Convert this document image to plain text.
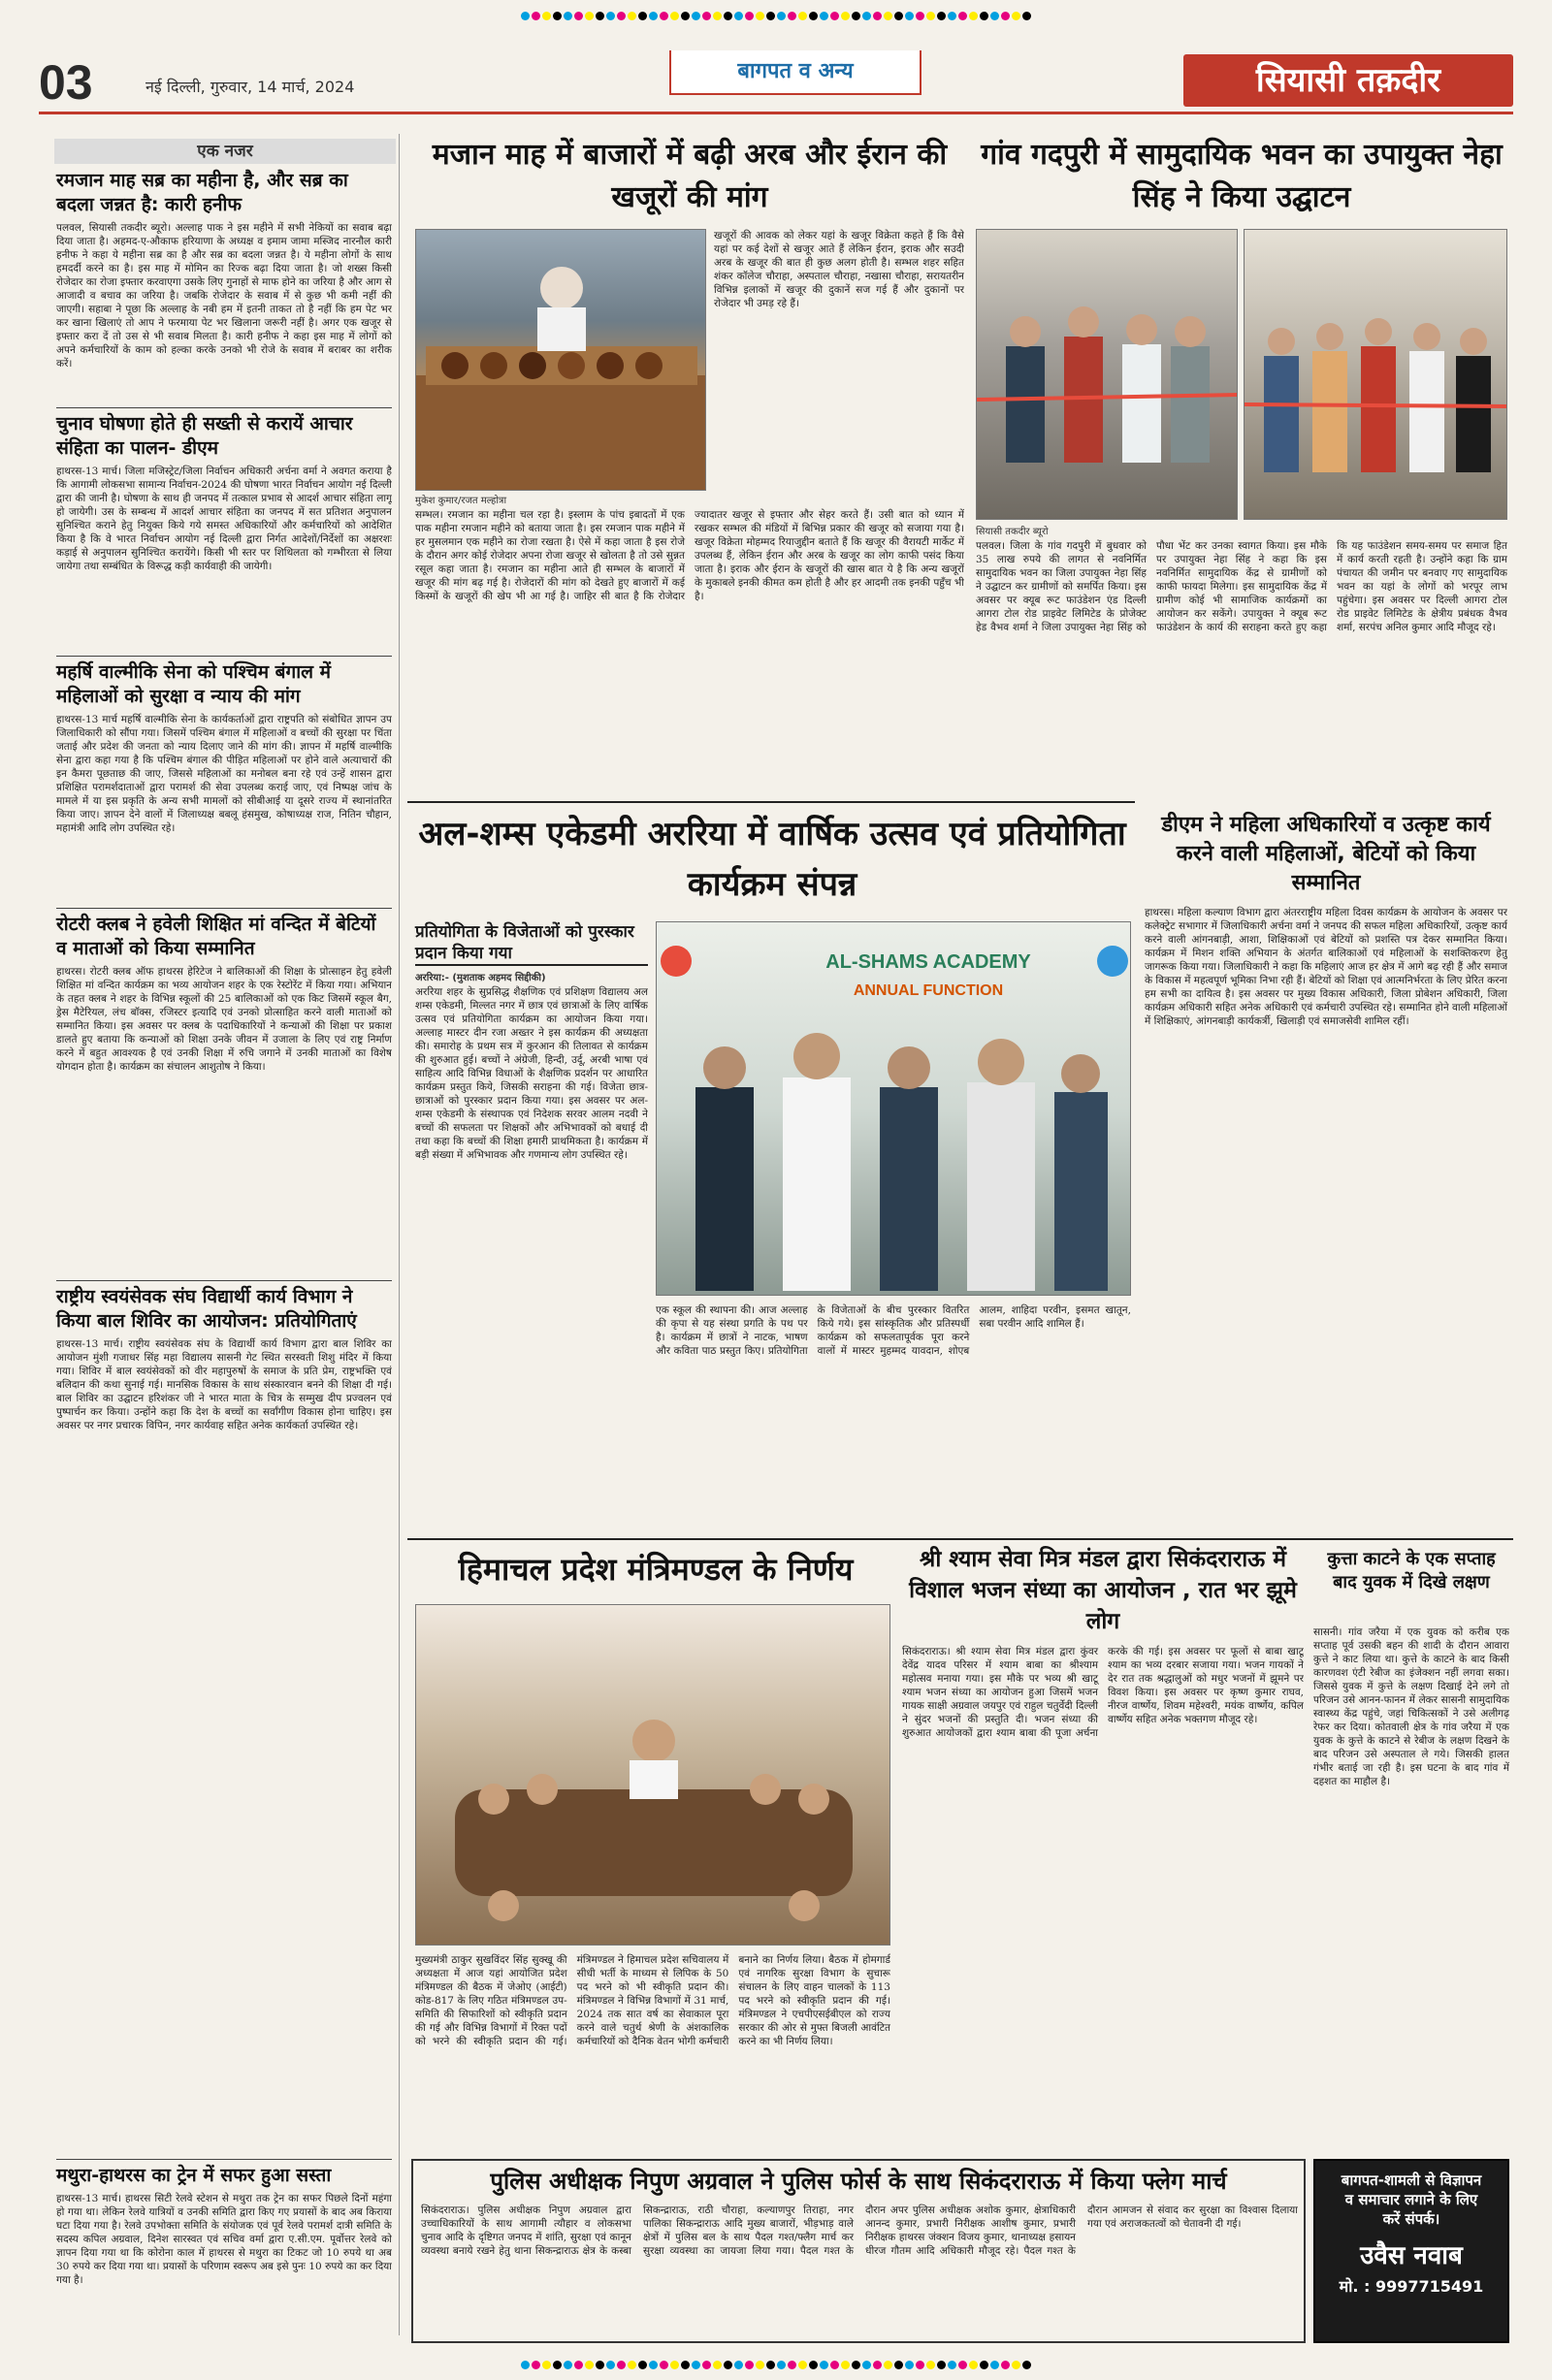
03	नई दिल्ली, गुरुवार, 14 मार्च, 2024
बागपत व अन्य	सियासी तक़दीर
एक नजर
रमजान माह सब्र का महीना है, और सब्र का बदला जन्नत है: कारी हनीफ
पलवल, सियासी तकदीर ब्यूरो। अल्लाह पाक ने इस महीने में सभी नेकियों का सवाब बढ़ा दिया जाता है। अहमद-ए-औकाफ हरियाणा के अध्यक्ष व इमाम जामा मस्जिद नारनौल कारी हनीफ ने कहा ये महीना सब्र का है और सब्र का बदला जन्नत है। ये महीना लोगों के साथ हमदर्दी करने का है। इस माह में मोमिन का रिज्क बढ़ा दिया जाता है। जो शख्स किसी रोजेदार का रोजा इफ्तार करवाएगा उसके लिए गुनाहों से माफ होने का जरिया है और आग से आजादी व बचाव का जरिया है। जबकि रोजेदार के सवाब में से कुछ भी कमी नहीं की जाएगी। सहाबा ने पूछा कि अल्लाह के नबी हम में इतनी ताकत तो है नहीं कि हम पेट भर कर खाना खिलाएं तो आप ने फरमाया पेट भर खिलाना जरूरी नहीं है। अगर एक खजूर से इफ्तार करा दें तो उस से भी सवाब मिलता है। कारी हनीफ ने कहा इस माह में लोगों को अपने कर्मचारियों के काम को हल्का करके उनको भी रोजे के सवाब में बराबर का शरीक करें।
चुनाव घोषणा होते ही सख्ती से करायें आचार संहिता का पालन- डीएम
हाथरस-13 मार्च। जिला मजिस्ट्रेट/जिला निर्वाचन अधिकारी अर्चना वर्मा ने अवगत कराया है कि आगामी लोकसभा सामान्य निर्वाचन-2024 की घोषणा भारत निर्वाचन आयोग नई दिल्ली द्वारा की जानी है। घोषणा के साथ ही जनपद में तत्काल प्रभाव से आदर्श आचार संहिता लागू हो जायेगी। उस के सम्बन्ध में आदर्श आचार संहिता का जनपद में सत प्रतिशत अनुपालन सुनिश्चित कराने हेतु नियुक्त किये गये समस्त अधिकारियों और कर्मचारियों को आदेशित किया है कि वे भारत निर्वाचन आयोग नई दिल्ली द्वारा निर्गत आदेशों/निर्देशों का अक्षरशः कड़ाई से अनुपालन सुनिश्चित करायेंगे। किसी भी स्तर पर शिथिलता को गम्भीरता से लिया जायेगा तथा सम्बंधित के विरूद्ध कड़ी कार्यवाही की जायेगी।
महर्षि वाल्मीकि सेना को पश्चिम बंगाल में महिलाओं को सुरक्षा व न्याय की मांग
हाथरस-13 मार्च महर्षि वाल्मीकि सेना के कार्यकर्ताओं द्वारा राष्ट्रपति को संबोधित ज्ञापन उप जिलाधिकारी को सौंपा गया। जिसमें पश्चिम बंगाल में महिलाओं व बच्चों की सुरक्षा पर चिंता जताई और प्रदेश की जनता को न्याय दिलाए जाने की मांग की। ज्ञापन में महर्षि वाल्मीकि सेना द्वारा कहा गया है कि पश्चिम बंगाल की पीड़ित महिलाओं पर होने वाले अत्याचारों की इन कैमरा पूछताछ की जाए, जिससे महिलाओं का मनोबल बना रहे एवं उन्हें शासन द्वारा प्रशिक्षित परामर्शदाताओं द्वारा परामर्श की सेवा उपलब्ध कराई जाए, एवं निष्पक्ष जांच के मामले में या इस प्रकृति के अन्य सभी मामलों को सीबीआई या दूसरे राज्य में स्थानांतरित किया जाए। ज्ञापन देने वालों में जिलाध्यक्ष बबलू हंसमुख, कोषाध्यक्ष राज, नितिन चौहान, महामंत्री आदि लोग उपस्थित रहे।
रोटरी क्लब ने हवेली शिक्षित मां वन्दित में बेटियों व माताओं को किया सम्मानित
हाथरस। रोटरी क्लब ऑफ हाथरस हेरिटेज ने बालिकाओं की शिक्षा के प्रोत्साहन हेतु हवेली शिक्षित मां वन्दित कार्यक्रम का भव्य आयोजन शहर के एक रेस्टोरेंट में किया गया। अभियान के तहत क्लब ने शहर के विभिन्न स्कूलों की 25 बालिकाओं को एक किट जिसमें स्कूल बैग, ड्रेस मैटेरियल, लंच बॉक्स, रजिस्टर इत्यादि एवं उनको प्रोत्साहित करने वाली माताओं को सम्मानित किया। इस अवसर पर क्लब के पदाधिकारियों ने कन्याओं की शिक्षा पर प्रकाश डालते हुए बताया कि कन्याओं को शिक्षा उनके जीवन में उजाला के लिए एवं राष्ट्र निर्माण करने में बहुत आवश्यक है एवं उनकी शिक्षा में रुचि जगाने में उनकी माताओं का विशेष योगदान होता है। कार्यक्रम का संचालन आशुतोष ने किया।
राष्ट्रीय स्वयंसेवक संघ विद्यार्थी कार्य विभाग ने किया बाल शिविर का आयोजन: प्रतियोगिताएं
हाथरस-13 मार्च। राष्ट्रीय स्वयंसेवक संघ के विद्यार्थी कार्य विभाग द्वारा बाल शिविर का आयोजन मुंशी गजाधर सिंह महा विद्यालय सासनी गेट स्थित सरस्वती शिशु मंदिर में किया गया। शिविर में बाल स्वयंसेवकों को वीर महापुरुषों के समाज के प्रति प्रेम, राष्ट्रभक्ति एवं बलिदान की कथा सुनाई गई। मानसिक विकास के साथ संस्कारवान बनने की शिक्षा दी गई। बाल शिविर का उद्घाटन हरिशंकर जी ने भारत माता के चित्र के सम्मुख दीप प्रज्वलन एवं पुष्पार्चन कर किया। उन्होंने कहा कि देश के बच्चों का सर्वांगीण विकास होना चाहिए। इस अवसर पर नगर प्रचारक विपिन, नगर कार्यवाह सहित अनेक कार्यकर्ता उपस्थित रहे।
मथुरा-हाथरस का ट्रेन में सफर हुआ सस्ता
हाथरस-13 मार्च। हाथरस सिटी रेलवे स्टेशन से मथुरा तक ट्रेन का सफर पिछले दिनों महंगा हो गया था। लेकिन रेलवे यात्रियों व उनकी समिति द्वारा किए गए प्रयासों के बाद अब किराया घटा दिया गया है। रेलवे उपभोक्ता समिति के संयोजक एवं पूर्व रेलवे परामर्श दात्री समिति के सदस्य कपिल अग्रवाल, दिनेश सारस्वत एवं सचिव वर्मा द्वारा ए.सी.एम. पूर्वोत्तर रेलवे को ज्ञापन दिया गया था कि कोरोना काल में हाथरस से मथुरा का टिकट जो 10 रुपये था अब 30 रुपये कर दिया गया था। प्रयासों के परिणाम स्वरूप अब इसे पुनः 10 रुपये का कर दिया गया है।
मजान माह में बाजारों में बढ़ी अरब और ईरान की खजूरों की मांग
मुकेश कुमार/रजत मल्होत्रा
खजूरों की आवक को लेकर यहां के खजूर विक्रेता कहते हैं कि वैसे यहां पर कई देशों से खजूर आते हैं लेकिन ईरान, इराक और सउदी अरब के खजूर की बात ही कुछ अलग होती है। सम्भल शहर सहित शंकर कॉलेज चौराहा, अस्पताल चौराहा, नखासा चौराहा, सरायतरीन विभिन्न इलाकों में खजूर की दुकानें सज गई हैं और दुकानों पर रोजेदार भी उमड़ रहे हैं।
सम्भल। रमजान का महीना चल रहा है। इस्लाम के पांच इबादतों में एक पाक महीना रमजान महीने को बताया जाता है। इस रमजान पाक महीने में हर मुसलमान एक महीने का रोजा रखता है। ऐसे में कहा जाता है इस रोजे के दौरान अगर कोई रोजेदार अपना रोजा खजूर से खोलता है तो उसे सुन्नत रसूल कहा जाता है। रमजान का महीना आते ही सम्भल के बाजारों में खजूर की मांग बढ़ गई है। रोजेदारों की मांग को देखते हुए बाजारों में कई किस्मों के खजूरों की खेप भी आ गई है। जाहिर सी बात है कि रोजेदार ज्यादातर खजूर से इफ्तार और सेहर करते हैं। उसी बात को ध्यान में रखकर सम्भल की मंडियों में बिभिन्न प्रकार की खजूर को सजाया गया है। खजूर विक्रेता मोहम्मद रियाजुद्दीन बताते हैं कि खजूर की वैरायटी मार्केट में उपलब्ध हैं, लेकिन ईरान और अरब के खजूर का लोग काफी पसंद किया जाता है। इराक और ईरान के खजूरों की खास बात ये है कि अन्य खजूरों के मुकाबले इनकी कीमत कम होती है और हर आदमी तक इनकी पहुँच भी है।
गांव गदपुरी में सामुदायिक भवन का उपायुक्त नेहा सिंह ने किया उद्घाटन
सियासी तकदीर ब्यूरो
पलवल। जिला के गांव गदपुरी में बुधवार को 35 लाख रुपये की लागत से नवनिर्मित सामुदायिक भवन का जिला उपायुक्त नेहा सिंह ने उद्घाटन कर ग्रामीणों को समर्पित किया। इस अवसर पर क्यूब रूट फाउंडेशन एंड दिल्ली आगरा टोल रोड प्राइवेट लिमिटेड के प्रोजेक्ट हेड वैभव शर्मा ने जिला उपायुक्त नेहा सिंह को पौधा भेंट कर उनका स्वागत किया। इस मौके पर उपायुक्त नेहा सिंह ने कहा कि इस नवनिर्मित सामुदायिक केंद्र से ग्रामीणों को काफी फायदा मिलेगा। इस सामुदायिक केंद्र में ग्रामीण कोई भी सामाजिक कार्यक्रमों का आयोजन कर सकेंगे। उपायुक्त ने क्यूब रूट फाउंडेशन के कार्य की सराहना करते हुए कहा कि यह फाउंडेशन समय-समय पर समाज हित में कार्य करती रहती है। उन्होंने कहा कि ग्राम पंचायत की जमीन पर बनवाए गए सामुदायिक भवन का यहां के लोगों को भरपूर लाभ पहुंचेगा। इस अवसर पर दिल्ली आगरा टोल रोड प्राइवेट लिमिटेड के क्षेत्रीय प्रबंधक वैभव शर्मा, सरपंच अनिल कुमार आदि मौजूद रहे।
अल-शम्स एकेडमी अररिया में वार्षिक उत्सव एवं प्रतियोगिता कार्यक्रम संपन्न
प्रतियोगिता के विजेताओं को पुरस्कार प्रदान किया गया
अररिया:- (मुशताक अहमद सिद्दीकी)
अररिया शहर के सुप्रसिद्ध शैक्षणिक एवं प्रशिक्षण विद्यालय अल शम्स एकेडमी, मिल्लत नगर में छात्र एवं छात्राओं के लिए वार्षिक उत्सव एवं प्रतियोगिता कार्यक्रम का आयोजन किया गया। अल्लाह मास्टर दीन रजा अख्तर ने इस कार्यक्रम की अध्यक्षता की। समारोह के प्रथम सत्र में कुरआन की तिलावत से कार्यक्रम की शुरुआत हुई। बच्चों ने अंग्रेजी, हिन्दी, उर्दू, अरबी भाषा एवं साहित्य आदि विभिन्न विधाओं के शैक्षणिक प्रदर्शन पर आधारित कार्यक्रम प्रस्तुत किये, जिसकी सराहना की गई। विजेता छात्र-छात्राओं को पुरस्कार प्रदान किया गया। इस अवसर पर अल-शम्स एकेडमी के संस्थापक एवं निदेशक सरवर आलम नदवी ने बच्चों की सफलता पर शिक्षकों और अभिभावकों को बधाई दी तथा कहा कि बच्चों की शिक्षा हमारी प्राथमिकता है। कार्यक्रम में बड़ी संख्या में अभिभावक और गणमान्य लोग उपस्थित रहे।
AL-SHAMS ACADEMY
ANNUAL FUNCTION
एक स्कूल की स्थापना की। आज अल्लाह की कृपा से यह संस्था प्रगति के पथ पर है। कार्यक्रम में छात्रों ने नाटक, भाषण और कविता पाठ प्रस्तुत किए। प्रतियोगिता के विजेताओं के बीच पुरस्कार वितरित किये गये। इस सांस्कृतिक और प्रतिस्पर्धी कार्यक्रम को सफलतापूर्वक पूरा करने वालों में मास्टर मुहम्मद यावदान, शोएब आलम, शाहिदा परवीन, इसमत खातून, सबा परवीन आदि शामिल हैं।
डीएम ने महिला अधिकारियों व उत्कृष्ट कार्य करने वाली महिलाओं, बेटियों को किया सम्मानित
हाथरस। महिला कल्याण विभाग द्वारा अंतरराष्ट्रीय महिला दिवस कार्यक्रम के आयोजन के अवसर पर कलेक्ट्रेट सभागार में जिलाधिकारी अर्चना वर्मा ने जनपद की सफल महिला अधिकारियों, उत्कृष्ट कार्य करने वाली आंगनबाड़ी, आशा, शिक्षिकाओं एवं बेटियों को प्रशस्ति पत्र देकर सम्मानित किया। कार्यक्रम में मिशन शक्ति अभियान के अंतर्गत बालिकाओं एवं महिलाओं के सशक्तिकरण हेतु जागरूक किया गया। जिलाधिकारी ने कहा कि महिलाएं आज हर क्षेत्र में आगे बढ़ रही हैं और समाज के विकास में महत्वपूर्ण भूमिका निभा रही हैं। बेटियों को शिक्षा एवं आत्मनिर्भरता के लिए प्रेरित करना हम सभी का दायित्व है। इस अवसर पर मुख्य विकास अधिकारी, जिला प्रोबेशन अधिकारी, जिला कार्यक्रम अधिकारी सहित अनेक अधिकारी एवं कर्मचारी उपस्थित रहे। सम्मानित होने वाली महिलाओं में शिक्षिकाएं, आंगनबाड़ी कार्यकर्त्री, खिलाड़ी एवं समाजसेवी शामिल रहीं।
हिमाचल प्रदेश मंत्रिमण्डल के निर्णय
मुख्यमंत्री ठाकुर सुखविंदर सिंह सुक्खू की अध्यक्षता में आज यहां आयोजित प्रदेश मंत्रिमण्डल की बैठक में जेओए (आईटी) कोड-817 के लिए गठित मंत्रिमण्डल उप-समिति की सिफारिशों को स्वीकृति प्रदान की गई और विभिन्न विभागों में रिक्त पदों को भरने की स्वीकृति प्रदान की गई। मंत्रिमण्डल ने हिमाचल प्रदेश सचिवालय में सीधी भर्ती के माध्यम से लिपिक के 50 पद भरने को भी स्वीकृति प्रदान की। मंत्रिमण्डल ने विभिन्न विभागों में 31 मार्च, 2024 तक सात वर्ष का सेवाकाल पूरा करने वाले चतुर्थ श्रेणी के अंशकालिक कर्मचारियों को दैनिक वेतन भोगी कर्मचारी बनाने का निर्णय लिया। बैठक में होमगार्ड एवं नागरिक सुरक्षा विभाग के सुचारू संचालन के लिए वाहन चालकों के 113 पद भरने को स्वीकृति प्रदान की गई। मंत्रिमण्डल ने एचपीएसईबीएल को राज्य सरकार की ओर से मुफ्त बिजली आवंटित करने का भी निर्णय लिया।
श्री श्याम सेवा मित्र मंडल द्वारा सिकंदराराऊ में विशाल भजन संध्या का आयोजन , रात भर झूमे लोग
सिकंदराराऊ। श्री श्याम सेवा मित्र मंडल द्वारा कुंवर देवेंद्र यादव परिसर में श्याम बाबा का श्रीश्याम महोत्सव मनाया गया। इस मौके पर भव्य श्री खाटू श्याम भजन संध्या का आयोजन हुआ जिसमें भजन गायक साक्षी अग्रवाल जयपुर एवं राहुल चतुर्वेदी दिल्ली ने सुंदर भजनों की प्रस्तुति दी। भजन संध्या की शुरुआत आयोजकों द्वारा श्याम बाबा की पूजा अर्चना करके की गई। इस अवसर पर फूलों से बाबा खाटू श्याम का भव्य दरबार सजाया गया। भजन गायकों ने देर रात तक श्रद्धालुओं को मधुर भजनों में झूमने पर विवश किया। इस अवसर पर कृष्ण कुमार राघव, नीरज वार्ष्णेय, शिवम महेश्वरी, मयंक वार्ष्णेय, कपिल वार्ष्णेय सहित अनेक भक्तगण मौजूद रहे।
कुत्ता काटने के एक सप्ताह बाद युवक में दिखे लक्षण
सासनी। गांव जरैया में एक युवक को करीब एक सप्ताह पूर्व उसकी बहन की शादी के दौरान आवारा कुत्ते ने काट लिया था। कुत्ते के काटने के बाद किसी कारणवश एंटी रेबीज का इंजेक्शन नहीं लगवा सका। जिससे युवक में कुत्ते के लक्षण दिखाई देने लगे तो परिजन उसे आनन-फानन में लेकर सासनी सामुदायिक स्वास्थ्य केंद्र पहुंचे, जहां चिकित्सकों ने उसे अलीगढ़ रेफर कर दिया। कोतवाली क्षेत्र के गांव जरैया में एक युवक के कुत्ते के काटने से रेबीज के लक्षण दिखने के बाद परिजन उसे अस्पताल ले गये। जिसकी हालत गंभीर बताई जा रही है। इस घटना के बाद गांव में दहशत का माहौल है।
पुलिस अधीक्षक निपुण अग्रवाल ने पुलिस फोर्स के साथ सिकंदराराऊ में किया फ्लेग मार्च
सिकंदराराऊ। पुलिस अधीक्षक निपुण अग्रवाल द्वारा उच्चाधिकारियों के साथ आगामी त्यौहार व लोकसभा चुनाव आदि के दृष्टिगत जनपद में शांति, सुरक्षा एवं कानून व्यवस्था बनाये रखने हेतु थाना सिकन्द्राराऊ क्षेत्र के कस्बा सिकन्द्राराऊ, राठी चौराहा, कल्याणपुर तिराहा, नगर पालिका सिकन्द्राराऊ आदि मुख्य बाजारों, भीड़भाड़ वाले क्षेत्रों में पुलिस बल के साथ पैदल गश्त/फ्लैग मार्च कर सुरक्षा व्यवस्था का जायजा लिया गया। पैदल गश्त के दौरान अपर पुलिस अधीक्षक अशोक कुमार, क्षेत्राधिकारी आनन्द कुमार, प्रभारी निरीक्षक आशीष कुमार, प्रभारी निरीक्षक हाथरस जंक्शन विजय कुमार, थानाध्यक्ष हसायन धीरज गौतम आदि अधिकारी मौजूद रहे। पैदल गश्त के दौरान आमजन से संवाद कर सुरक्षा का विश्वास दिलाया गया एवं अराजकतत्वों को चेतावनी दी गई।
बागपत-शामली से विज्ञापन
व समाचार लगाने के लिए
करें संपर्क।
उवैस नवाब
मो. : 9997715491
